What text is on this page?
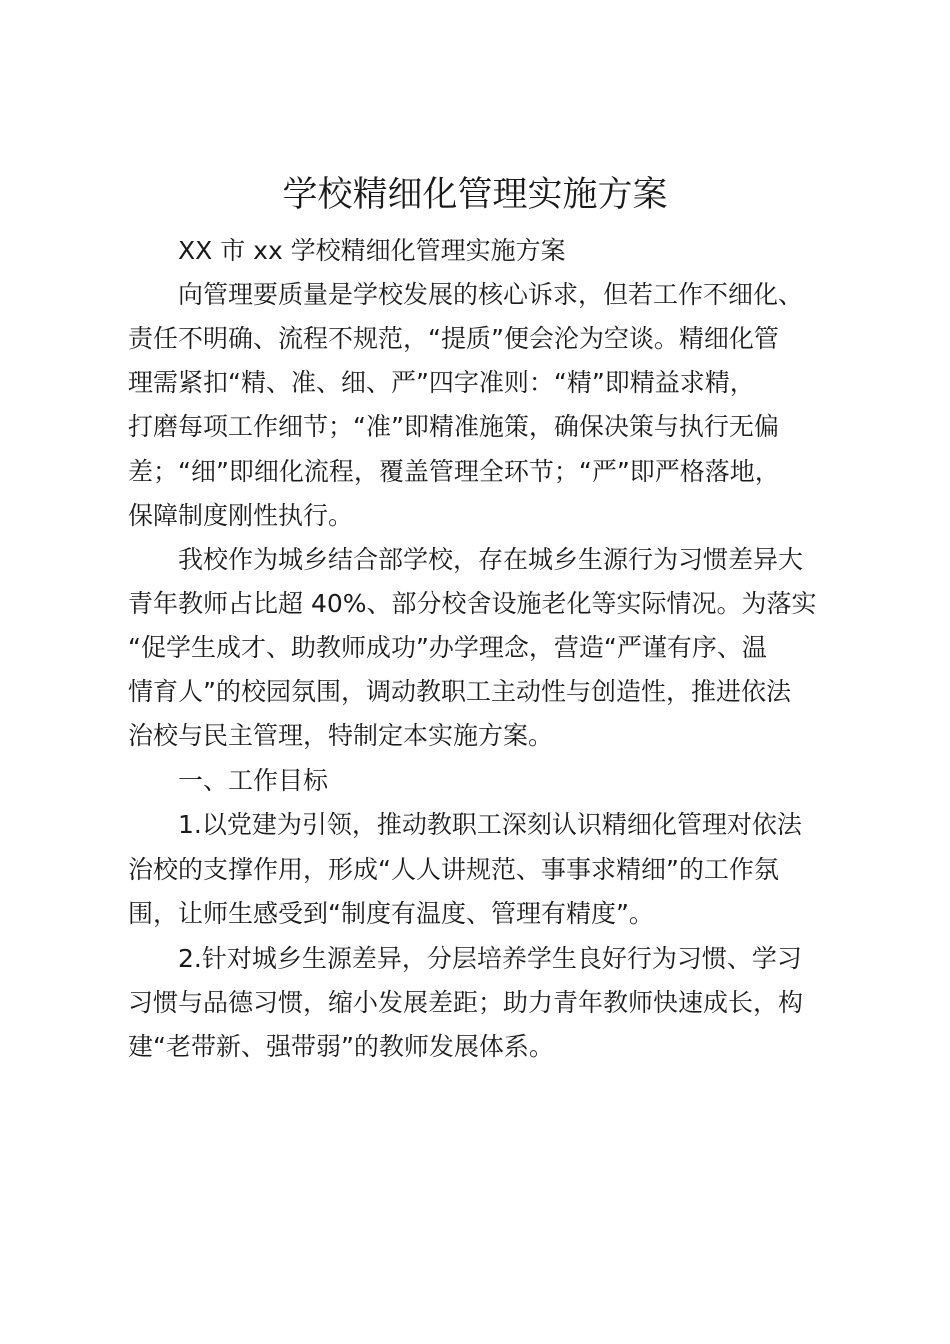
学校精细化管理实施方案

XX 市 xx 学校精细化管理实施方案

向管理要质量是学校发展的核心诉求，但若工作不细化、

责任不明确、流程不规范，“提质”便会沦为空谈。精细化管

理需紧扣“精、准、细、严”四字准则：“精”即精益求精，

打磨每项工作细节；“准”即精准施策，确保决策与执行无偏

差；“细”即细化流程，覆盖管理全环节；“严”即严格落地，

保障制度刚性执行。

我校作为城乡结合部学校，存在城乡生源行为习惯差异大

青年教师占比超 40%、部分校舍设施老化等实际情况。为落实

“促学生成才、助教师成功”办学理念，营造“严谨有序、温

情育人”的校园氛围，调动教职工主动性与创造性，推进依法

治校与民主管理，特制定本实施方案。

一、工作目标

1.以党建为引领，推动教职工深刻认识精细化管理对依法

治校的支撑作用，形成“人人讲规范、事事求精细”的工作氛

围，让师生感受到“制度有温度、管理有精度”。

2.针对城乡生源差异，分层培养学生良好行为习惯、学习

习惯与品德习惯，缩小发展差距；助力青年教师快速成长，构

建“老带新、强带弱”的教师发展体系。
